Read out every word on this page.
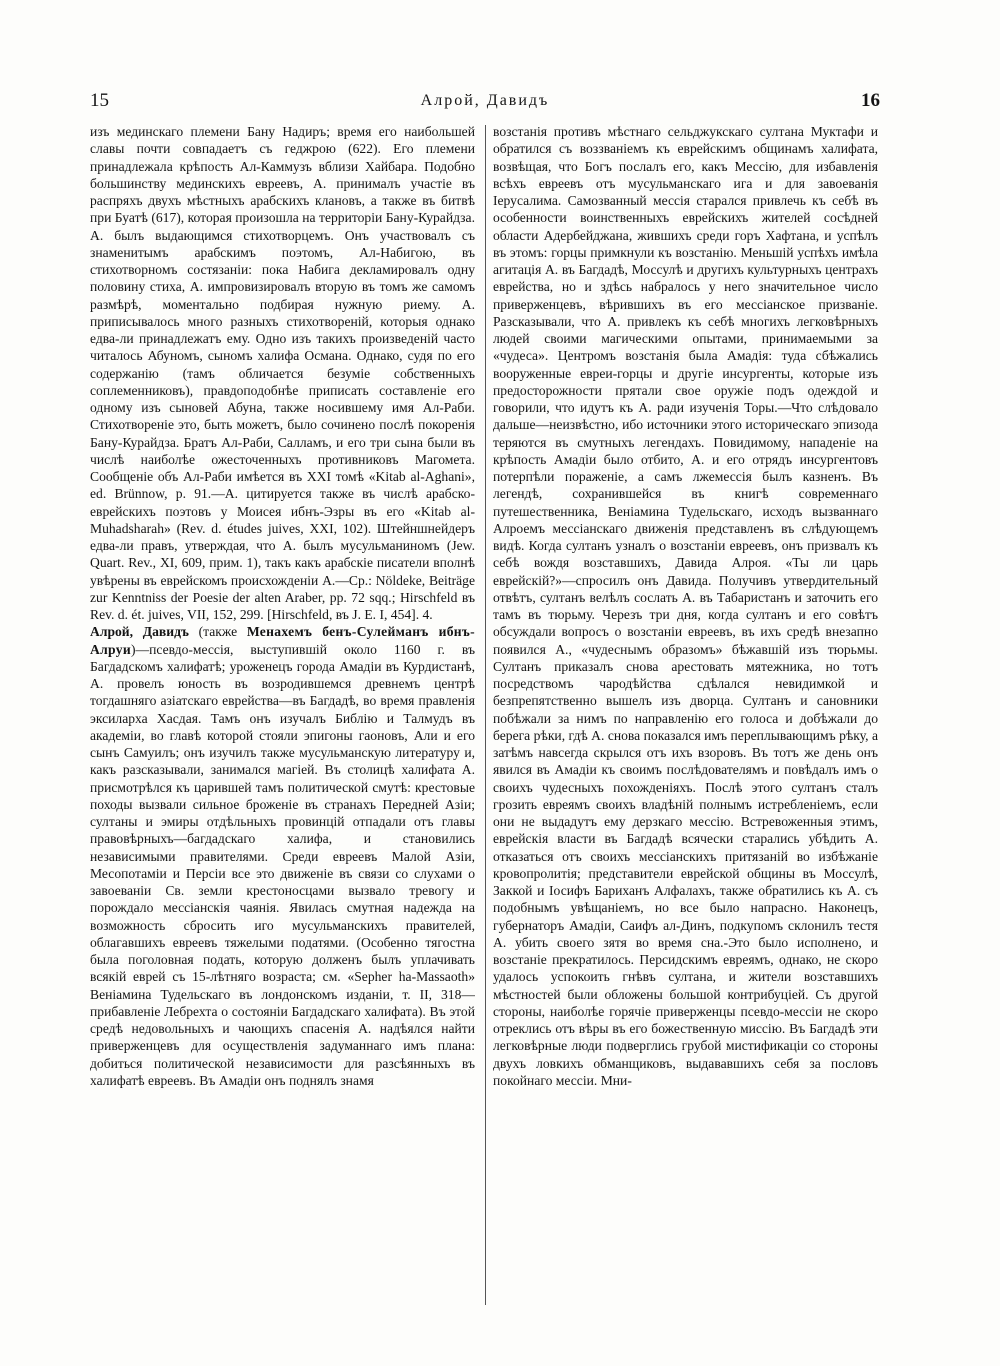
15	Алрой, Давидъ	16

изъ мединскаго племени Бану Надиръ; время его наибольшей славы почти совпадаетъ съ геджрою (622). Его племени принадлежала крѣпость Ал-Каммузъ вблизи Хайбара. Подобно большинству мединскихъ евреевъ, А. принималъ участіе въ распряхъ двухъ мѣстныхъ арабскихъ клановъ, а также въ битвѣ при Буатѣ (617), которая произошла на территоріи Бану-Курайдза. А. былъ выдающимся стихотворцемъ. Онъ участвовалъ съ знаменитымъ арабскимъ поэтомъ, Ал-Набигою, въ стихотворномъ состязаніи: пока Набига декламировалъ одну половину стиха, А. импровизировалъ вторую въ томъ же самомъ размѣрѣ, моментально подбирая нужную риему. А. приписывалось много разныхъ стихотвореній, которыя однако едва-ли принадлежатъ ему. Одно изъ такихъ произведеній часто читалось Абуномъ, сыномъ халифа Османа. Однако, судя по его содержанію (тамъ обличается безуміе собственныхъ соплеменниковъ), правдоподобнѣе приписать составленіе его одному изъ сыновей Абуна, также носившему имя Ал-Раби. Стихотвореніе это, быть можетъ, было сочинено послѣ покоренія Бану-Курайдза. Братъ Ал-Раби, Салламъ, и его три сына были въ числѣ наиболѣе ожесточенныхъ противниковъ Магомета. Сообщеніе объ Ал-Раби имѣется въ XXI томѣ «Kitab al-Aghani», ed. Brünnow, p. 91.—А. цитируется также въ числѣ арабско-еврейскихъ поэтовъ у Моисея ибнъ-Эзры въ его «Kitab al-Muhadsharah» (Rev. d. études juives, XXI, 102). Штейншнейдеръ едва-ли правъ, утверждая, что А. былъ мусульманиномъ (Jew. Quart. Rev., XI, 609, прим. 1), такъ какъ арабскіе писатели вполнѣ увѣрены въ еврейскомъ происхожденіи А.—Ср.: Nöldeke, Beiträge zur Kenntniss der Poesie der alten Araber, pp. 72 sqq.; Hirschfeld въ Rev. d. ét. juives, VII, 152, 299. [Hirschfeld, въ J. E. I, 454]. 4.

Алрой, Давидъ (также Менахемъ бенъ-Сулейманъ ибнъ-Алруи)—псевдо-мессія, выступившій около 1160 г. въ Багдадскомъ халифатѣ; уроженецъ города Амадіи въ Курдистанѣ, А. провелъ юность въ возродившемся древнемъ центрѣ тогдашняго азіатскаго еврейства—въ Багдадѣ, во время правленія эксиларха Хасдая. Тамъ онъ изучалъ Библію и Талмудъ въ академіи, во главѣ которой стояли эпигоны гаоновъ, Али и его сынъ Самуилъ; онъ изучилъ также мусульманскую литературу и, какъ разсказывали, занимался магіей. Въ столицѣ халифата А. присмотрѣлся къ царившей тамъ политической смутѣ: крестовые походы вызвали сильное броженіе въ странахъ Передней Азіи; султаны и эмиры отдѣльныхъ провинцій отпадали отъ главы правовѣрныхъ—багдадскаго халифа, и становились независимыми правителями. Среди евреевъ Малой Азіи, Месопотаміи и Персіи все это движеніе въ связи со слухами о завоеваніи Св. земли крестоносцами вызвало тревогу и порождало мессіанскія чаянія. Явилась смутная надежда на возможность сбросить иго мусульманскихъ правителей, облагавшихъ евреевъ тяжелыми податями. (Особенно тягостна была поголовная подать, которую долженъ былъ уплачивать всякій еврей съ 15-лѣтняго возраста; см. «Sepher ha-Massaoth» Веніамина Тудельскаго въ лондонскомъ изданіи, т. II, 318—прибавленіе Лебрехта о состояніи Багдадскаго халифата). Въ этой средѣ недовольныхъ и чающихъ спасенія А. надѣялся найти приверженцевъ для осуществленія задуманнаго имъ плана: добиться политической независимости для разсѣянныхъ въ халифатѣ евреевъ. Въ Амадіи онъ поднялъ знамя

возстанія противъ мѣстнаго сельджукскаго султана Муктафи и обратился съ воззваніемъ къ еврейскимъ общинамъ халифата, возвѣщая, что Богъ послалъ его, какъ Мессію, для избавленія всѣхъ евреевъ отъ мусульманскаго ига и для завоеванія Іерусалима. Самозванный мессія старался привлечь къ себѣ въ особенности воинственныхъ еврейскихъ жителей сосѣдней области Адербейджана, жившихъ среди горъ Хафтана, и успѣлъ въ этомъ: горцы примкнули къ возстанію. Меньшій успѣхъ имѣла агитація А. въ Багдадѣ, Моссулѣ и другихъ культурныхъ центрахъ еврейства, но и здѣсь набралось у него значительное число приверженцевъ, вѣрившихъ въ его мессіанское призваніе. Разсказывали, что А. привлекъ къ себѣ многихъ легковѣрныхъ людей своими магическими опытами, принимаемыми за «чудеса». Центромъ возстанія была Амадія: туда сбѣжались вооруженные евреи-горцы и другіе инсургенты, которые изъ предосторожности прятали свое оружіе подъ одеждой и говорили, что идутъ къ А. ради изученія Торы.—Что слѣдовало дальше—неизвѣстно, ибо источники этого историческаго эпизода теряются въ смутныхъ легендахъ. Повидимому, нападеніе на крѣпость Амадіи было отбито, А. и его отрядъ инсургентовъ потерпѣли пораженіе, а самъ лжемессія былъ казненъ. Въ легендѣ, сохранившейся въ книгѣ современнаго путешественника, Веніамина Тудельскаго, исходъ вызваннаго Алроемъ мессіанскаго движенія представленъ въ слѣдующемъ видѣ. Когда султанъ узналъ о возстаніи евреевъ, онъ призвалъ къ себѣ вождя возставшихъ, Давида Алроя. «Ты ли царь еврейскій?»—спросилъ онъ Давида. Получивъ утвердительный отвѣтъ, султанъ велѣлъ сослать А. въ Табаристанъ и заточить его тамъ въ тюрьму. Черезъ три дня, когда султанъ и его совѣтъ обсуждали вопросъ о возстаніи евреевъ, въ ихъ средѣ внезапно появился А., «чудеснымъ образомъ» бѣжавшій изъ тюрьмы. Султанъ приказалъ снова арестовать мятежника, но тотъ посредствомъ чародѣйства сдѣлался невидимкой и безпрепятственно вышелъ изъ дворца. Султанъ и сановники побѣжали за нимъ по направленію его голоса и добѣжали до берега рѣки, гдѣ А. снова показался имъ переплывающимъ рѣку, а затѣмъ навсегда скрылся отъ ихъ взоровъ. Въ тотъ же день онъ явился въ Амадіи къ своимъ послѣдователямъ и повѣдалъ имъ о своихъ чудесныхъ похожденіяхъ. Послѣ этого султанъ сталъ грозить евреямъ своихъ владѣній полнымъ истребленіемъ, если они не выдадутъ ему дерзкаго мессію. Встревоженныя этимъ, еврейскія власти въ Багдадѣ всячески старались убѣдить А. отказаться отъ своихъ мессіанскихъ притязаній во избѣжаніе кровопролитія; представители еврейской общины въ Моссулѣ, Заккой и Іосифъ Бариханъ Алфалахъ, также обратились къ А. съ подобнымъ увѣщаніемъ, но все было напрасно. Наконецъ, губернаторъ Амадіи, Саифъ ал-Динъ, подкупомъ склонилъ тестя А. убить своего зятя во время сна.-Это было исполнено, и возстаніе прекратилось. Персидскимъ евреямъ, однако, не скоро удалось успокоить гнѣвъ султана, и жители возставшихъ мѣстностей были обложены большой контрибуціей. Съ другой стороны, наиболѣе горячіе приверженцы псевдо-мессіи не скоро отреклись отъ вѣры въ его божественную миссію. Въ Багдадѣ эти легковѣрные люди подверглись грубой мистификаціи со стороны двухъ ловкихъ обманщиковъ, выдававшихъ себя за пословъ покойнаго мессіи. Мни-
